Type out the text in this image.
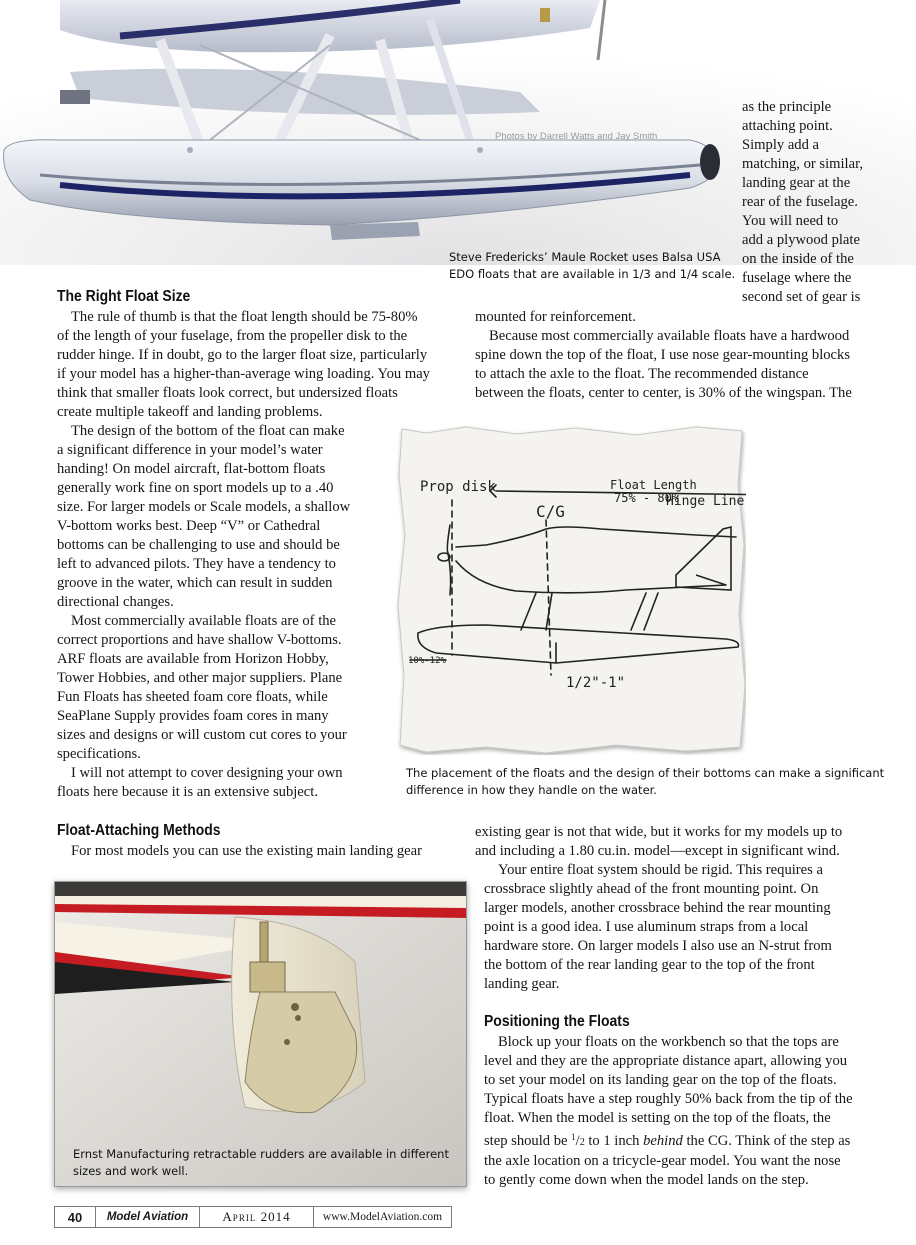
Photos by Darrell Watts and Jay Smith
Steve Fredericks’ Maule Rocket uses Balsa USA
EDO floats that are available in 1/3 and 1/4 scale.
as the principle
attaching point.
Simply add a
matching, or similar,
landing gear at the
rear of the fuselage.
You will need to
add a plywood plate
on the inside of the
fuselage where the
second set of gear is
The Right Float Size
The rule of thumb is that the float length should be 75-80%
of the length of your fuselage, from the propeller disk to the
rudder hinge. If in doubt, go to the larger float size, particularly
if your model has a higher-than-average wing loading. You may
think that smaller floats look correct, but undersized floats
create multiple takeoff and landing problems.
The design of the bottom of the float can make
a significant difference in your model’s water
handing! On model aircraft, flat-bottom floats
generally work fine on sport models up to a .40
size. For larger models or Scale models, a shallow
V-bottom works best. Deep “V” or Cathedral
bottoms can be challenging to use and should be
left to advanced pilots. They have a tendency to
groove in the water, which can result in sudden
directional changes.
Most commercially available floats are of the
correct proportions and have shallow V-bottoms.
ARF floats are available from Horizon Hobby,
Tower Hobbies, and other major suppliers. Plane
Fun Floats has sheeted foam core floats, while
SeaPlane Supply provides foam cores in many
sizes and designs or will custom cut cores to your
specifications.
I will not attempt to cover designing your own
floats here because it is an extensive subject.
mounted for reinforcement.
Because most commercially available floats have a hardwood
spine down the top of the float, I use nose gear-mounting blocks
to attach the axle to the float. The recommended distance
between the floats, center to center, is 30% of the wingspan. The
Prop disk	Float Length
75% - 80%
Hinge Line
C/G
10%-12%
1/2"-1"
The placement of the floats and the design of their bottoms can make a significant
difference in how they handle on the water.
Float-Attaching Methods
For most models you can use the existing main landing gear
Ernst Manufacturing retractable rudders are available in different
sizes and work well.
existing gear is not that wide, but it works for my models up to
and including a 1.80 cu.in. model—except in significant wind.
Your entire float system should be rigid. This requires a
crossbrace slightly ahead of the front mounting point. On
larger models, another crossbrace behind the rear mounting
point is a good idea. I use aluminum straps from a local
hardware store. On larger models I also use an N-strut from
the bottom of the rear landing gear to the top of the front
landing gear.
Positioning the Floats
Block up your floats on the workbench so that the tops are
level and they are the appropriate distance apart, allowing you
to set your model on its landing gear on the top of the floats.
Typical floats have a step roughly 50% back from the tip of the
float. When the model is setting on the top of the floats, the
step should be $^1$/2 to 1 inch behind the CG. Think of the step as
the axle location on a tricycle-gear model. You want the nose
to gently come down when the model lands on the step.
40	Model Aviation	April 2014	www.ModelAviation.com
